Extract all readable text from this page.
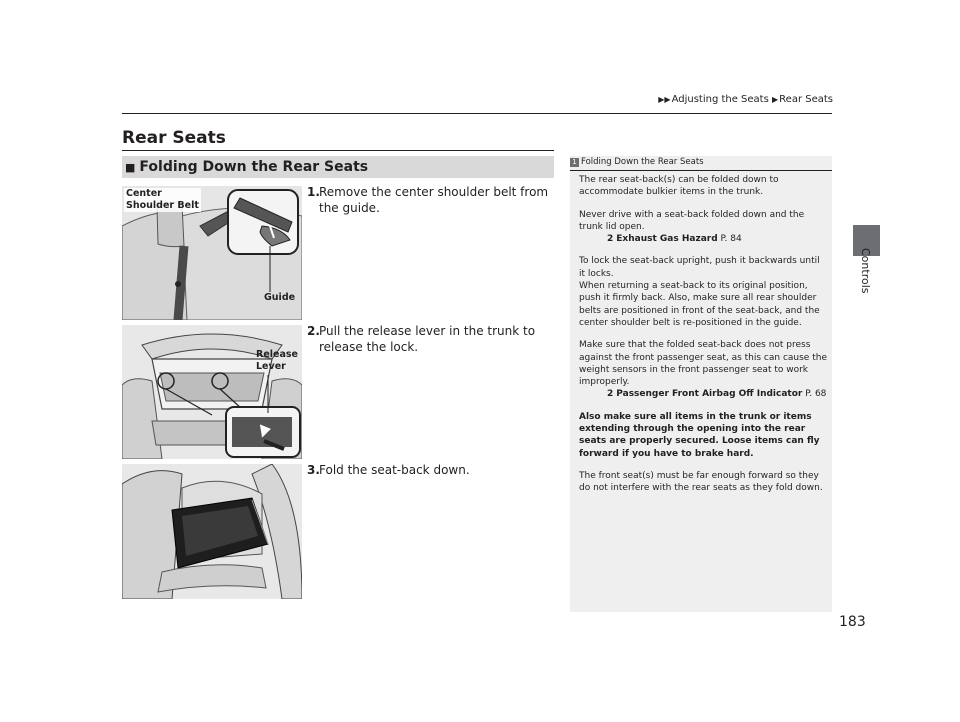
▶▶Adjusting the Seats ▶Rear Seats
Controls
Rear Seats
■ Folding Down the Rear Seats
Center
Shoulder Belt
Guide
Release
Lever
1. Remove the center shoulder belt from the guide.
2. Pull the release lever in the trunk to release the lock.
3. Fold the seat-back down.
1 Folding Down the Rear Seats

The rear seat-back(s) can be folded down to accommodate bulkier items in the trunk.

Never drive with a seat-back folded down and the trunk lid open.
2 Exhaust Gas Hazard P. 84

To lock the seat-back upright, push it backwards until it locks.

When returning a seat-back to its original position, push it firmly back. Also, make sure all rear shoulder belts are positioned in front of the seat-back, and the center shoulder belt is re-positioned in the guide.

Make sure that the folded seat-back does not press against the front passenger seat, as this can cause the weight sensors in the front passenger seat to work improperly.
2 Passenger Front Airbag Off Indicator P. 68

Also make sure all items in the trunk or items extending through the opening into the rear seats are properly secured. Loose items can fly forward if you have to brake hard.

The front seat(s) must be far enough forward so they do not interfere with the rear seats as they fold down.

183
